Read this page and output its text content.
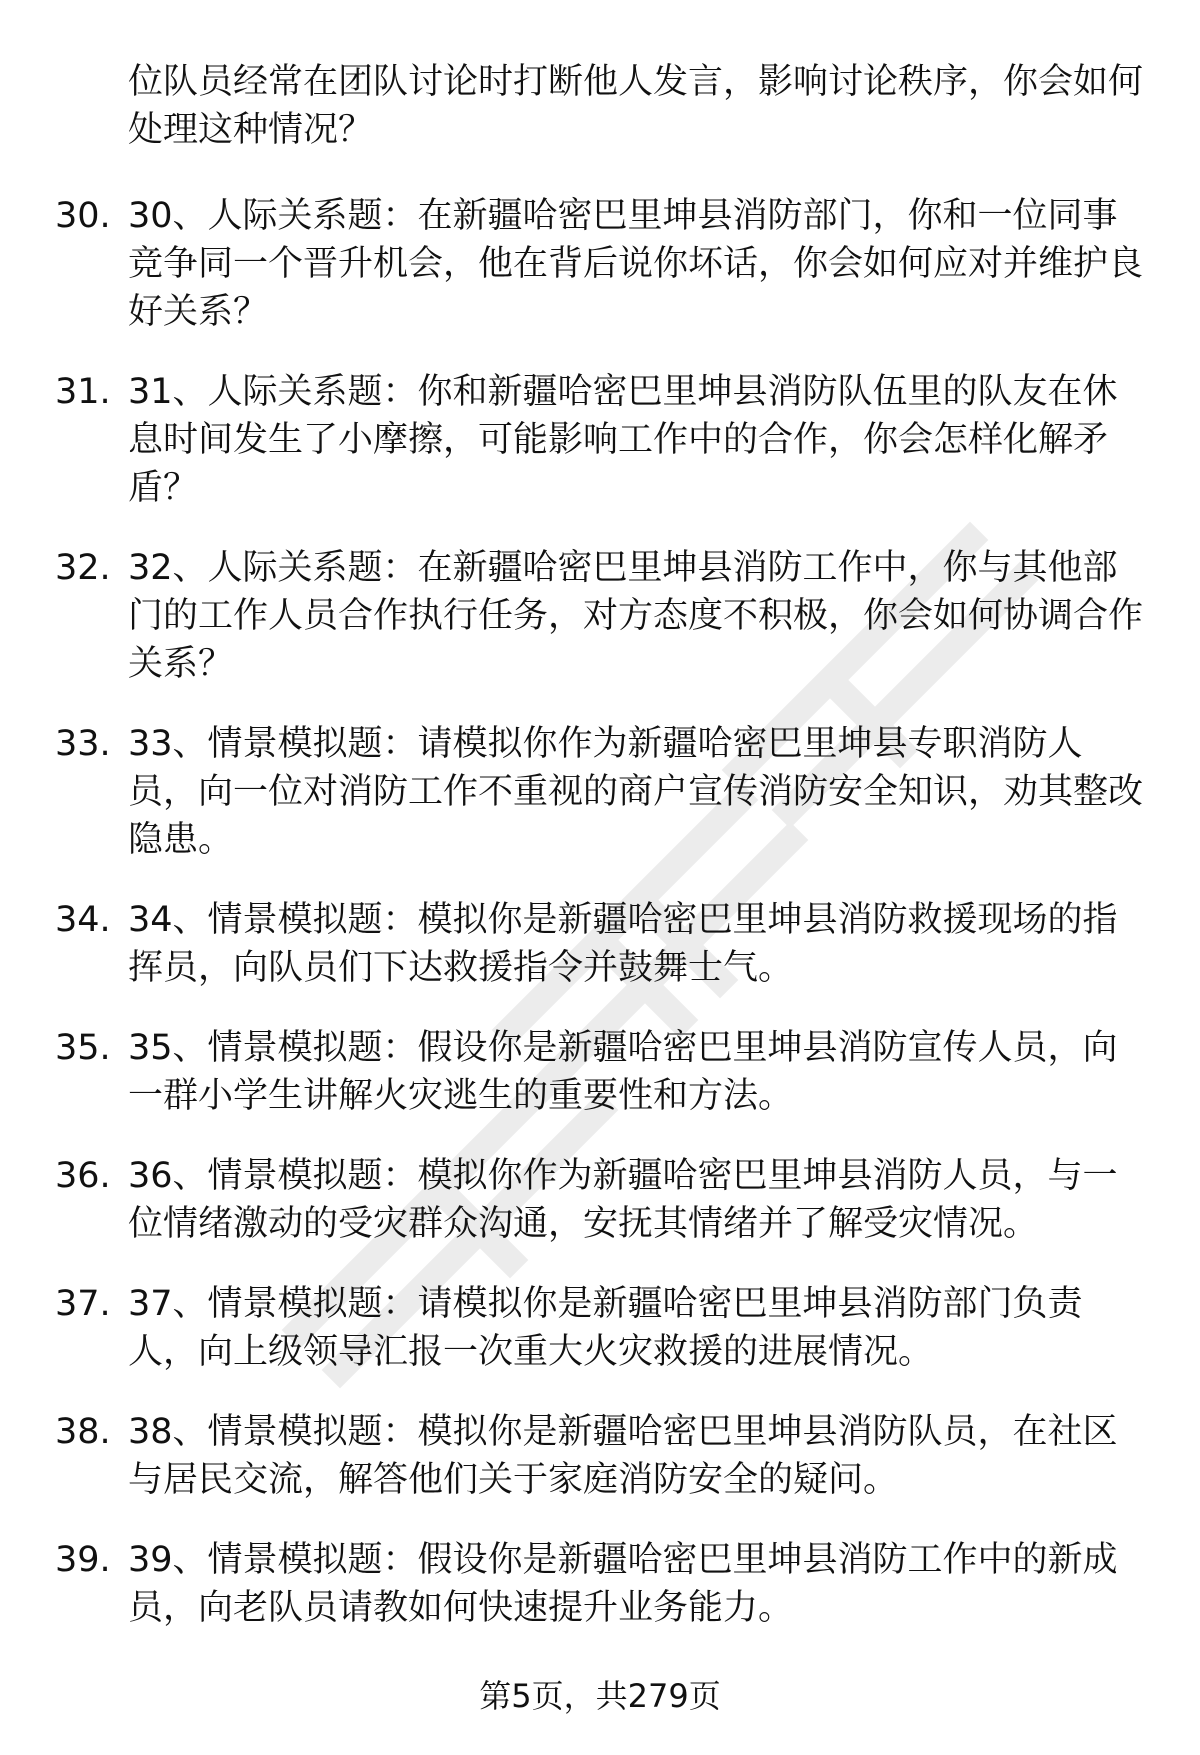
位队员经常在团队讨论时打断他人发言，影响讨论秩序，你会如何处理这种情况？
30. 30、人际关系题：在新疆哈密巴里坤县消防部门，你和一位同事竞争同一个晋升机会，他在背后说你坏话，你会如何应对并维护良好关系？
31. 31、人际关系题：你和新疆哈密巴里坤县消防队伍里的队友在休息时间发生了小摩擦，可能影响工作中的合作，你会怎样化解矛盾？
32. 32、人际关系题：在新疆哈密巴里坤县消防工作中，你与其他部门的工作人员合作执行任务，对方态度不积极，你会如何协调合作关系？
33. 33、情景模拟题：请模拟你作为新疆哈密巴里坤县专职消防人员，向一位对消防工作不重视的商户宣传消防安全知识，劝其整改隐患。
34. 34、情景模拟题：模拟你是新疆哈密巴里坤县消防救援现场的指挥员，向队员们下达救援指令并鼓舞士气。
35. 35、情景模拟题：假设你是新疆哈密巴里坤县消防宣传人员，向一群小学生讲解火灾逃生的重要性和方法。
36. 36、情景模拟题：模拟你作为新疆哈密巴里坤县消防人员，与一位情绪激动的受灾群众沟通，安抚其情绪并了解受灾情况。
37. 37、情景模拟题：请模拟你是新疆哈密巴里坤县消防部门负责人，向上级领导汇报一次重大火灾救援的进展情况。
38. 38、情景模拟题：模拟你是新疆哈密巴里坤县消防队员，在社区与居民交流，解答他们关于家庭消防安全的疑问。
39. 39、情景模拟题：假设你是新疆哈密巴里坤县消防工作中的新成员，向老队员请教如何快速提升业务能力。
第5页，共279页
